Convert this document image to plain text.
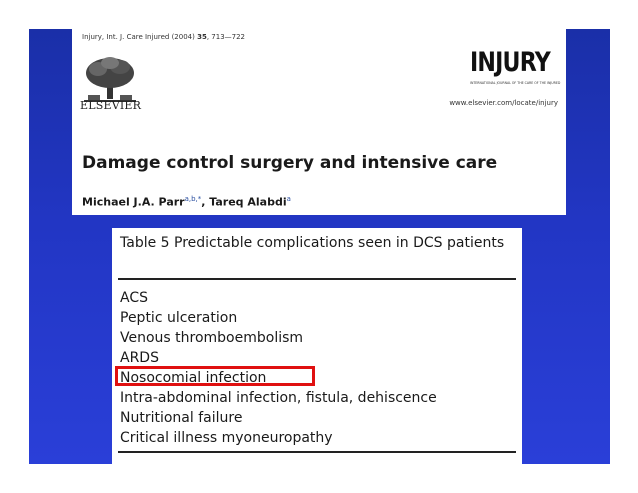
Injury, Int. J. Care Injured (2004) 35, 713—722
ELSEVIER
INJURY
INTERNATIONAL JOURNAL OF THE CARE OF THE INJURED
www.elsevier.com/locate/injury
Damage control surgery and intensive care
Michael J.A. Parr$^{a,b,*}$, Tareq Alabdi$^a$
Table 5 Predictable complications seen in DCS patients
ACS
Peptic ulceration
Venous thromboembolism
ARDS
Nosocomial infection
Intra-abdominal infection, fistula, dehiscence
Nutritional failure
Critical illness myoneuropathy
